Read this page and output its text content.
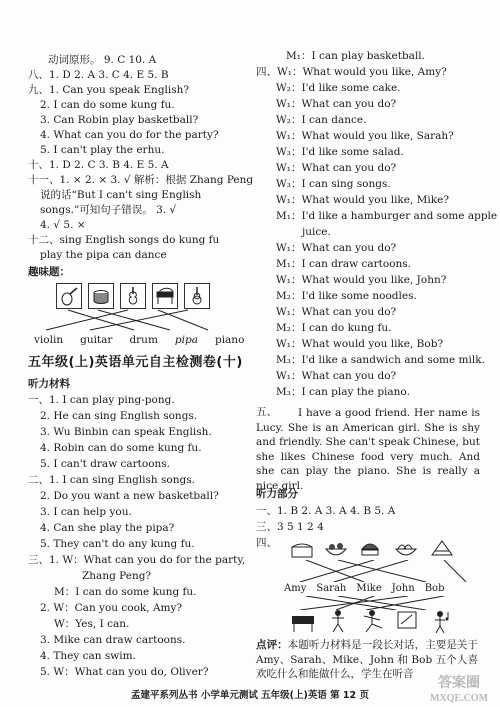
动词原形。 9. C 10. A
八、1. D 2. A 3. C 4. E 5. B
九、1. Can you speak English?
2. I can do some kung fu.
3. Can Robin play basketball?
4. What can you do for the party?
5. I can't play the erhu.
十、1. D 2. C 3. B 4. E 5. A
十一、1. × 2. × 3. √ 解析：根据 Zhang Peng
说的话“But I can't sing English
songs.”可知句子错误。 3. √
4. √ 5. ×
十二、sing English songs do kung fu
play the pipa can dance
趣味题：
violin guitar drum pipa piano
五年级(上)英语单元自主检测卷(十)
听力材料
一、1. I can play ping-pong.
2. He can sing English songs.
3. Wu Binbin can speak English.
4. Robin can do some kung fu.
5. I can't draw cartoons.
二、1. I can sing English songs.
2. Do you want a new basketball?
3. I can help you.
4. Can she play the pipa?
5. They can't do any kung fu.
三、1. W：What can you do for the party,
Zhang Peng?
M：I can do some kung fu.
2. W：Can you cook, Amy?
W：Yes, I can.
3. Mike can draw cartoons.
4. They can swim.
5. W：What can you do, Oliver?
M₁：I can play basketball.
四、W₁：What would you like, Amy?
W₂：I'd like some cake.
W₁：What can you do?
W₂：I can dance.
W₁：What would you like, Sarah?
W₃：I'd like some salad.
W₁：What can you do?
W₃：I can sing songs.
W₁：What would you like, Mike?
M₁：I'd like a hamburger and some apple
juice.
W₁：What can you do?
M₁：I can draw cartoons.
W₁：What would you like, John?
M₂：I'd like some noodles.
W₁：What can you do?
M₂：I can do kung fu.
W₁：What would you like, Bob?
M₃：I'd like a sandwich and some milk.
W₁：What can you do?
M₃：I can play the piano.
五、	I have a good friend. Her name is Lucy. She is an American girl. She is shy and friendly. She can't speak Chinese, but she likes Chinese food very much. And she can play the piano. She is really a nice girl.
听力部分
一、1. B 2. A 3. A 4. B 5. A
三、3 5 1 2 4
四、
Amy Sarah Mike John Bob
点评：本题听力材料是一段长对话，主要是关于 Amy、Sarah、Mike、John 和 Bob 五个人喜欢吃什么和能做什么，学生在听音
孟建平系列丛书 小学单元测试 五年级(上)英语 第 12 页
答案圈
MXQE.COM
